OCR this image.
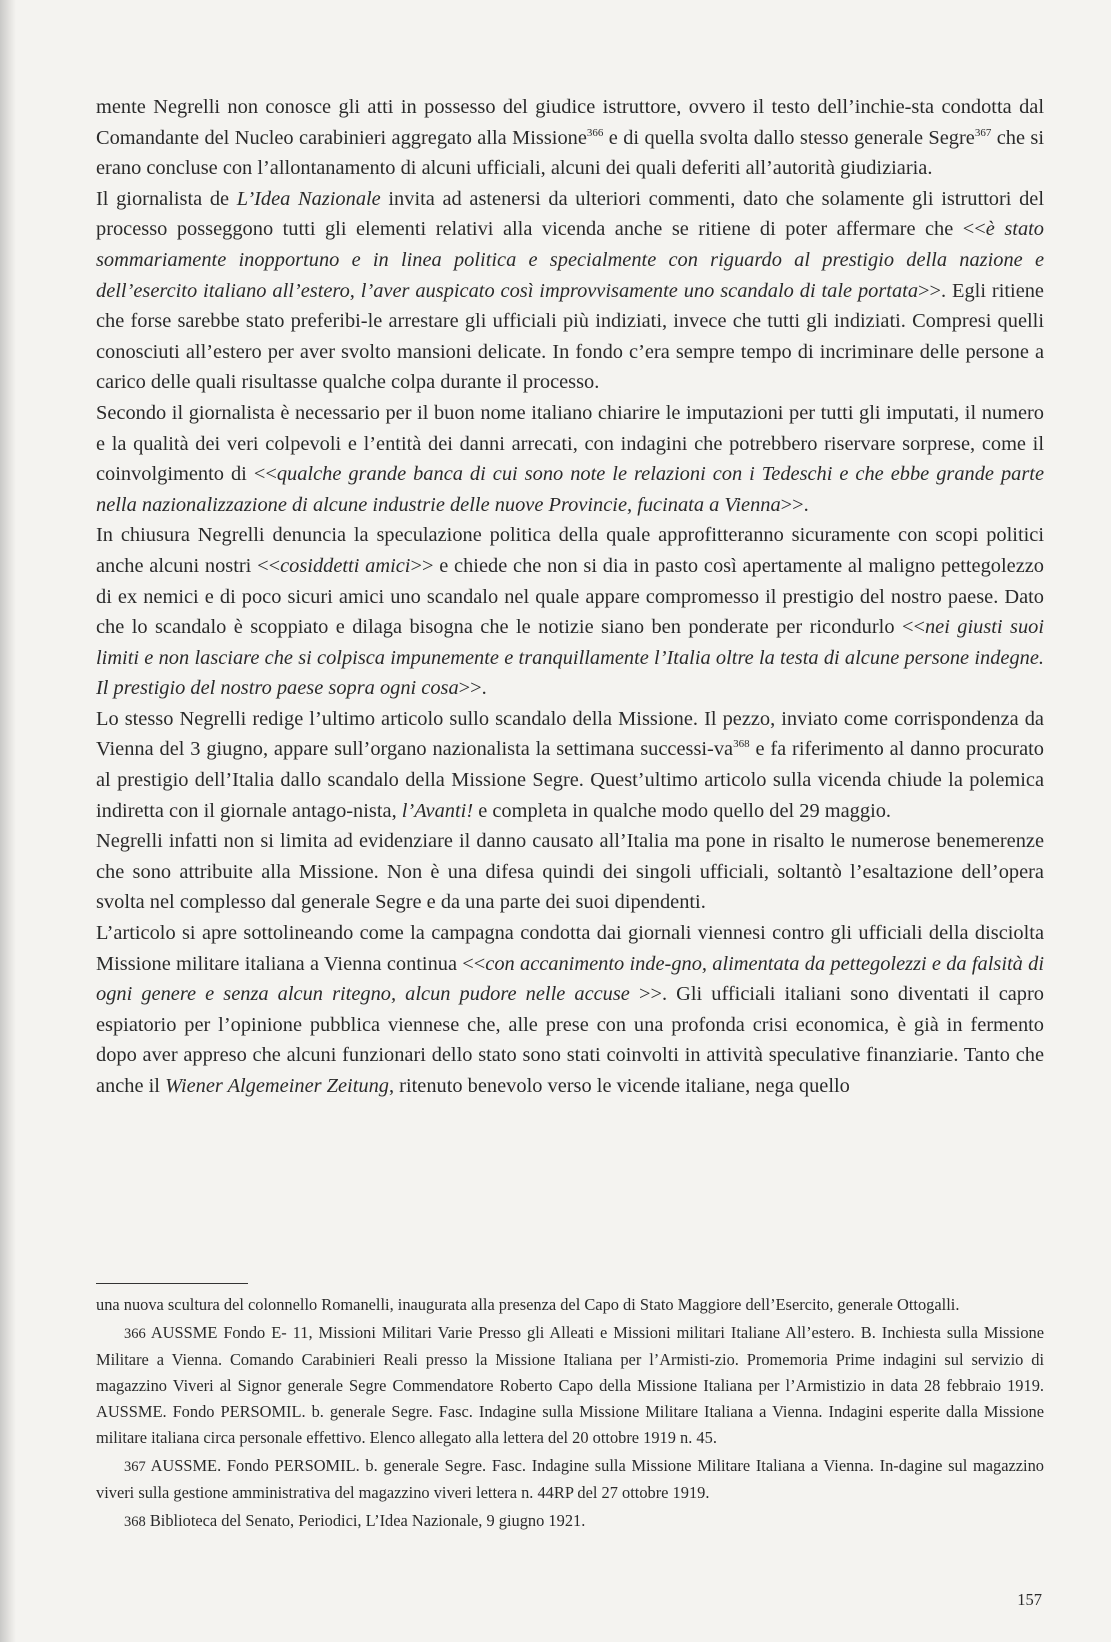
mente Negrelli non conosce gli atti in possesso del giudice istruttore, ovvero il testo dell’inchie-sta condotta dal Comandante del Nucleo carabinieri aggregato alla Missione$^{366}$ e di quella svolta dallo stesso generale Segre$^{367}$ che si erano concluse con l’allontanamento di alcuni ufficiali, alcuni dei quali deferiti all’autorità giudiziaria.

Il giornalista de L’Idea Nazionale invita ad astenersi da ulteriori commenti, dato che solamente gli istruttori del processo posseggono tutti gli elementi relativi alla vicenda anche se ritiene di poter affermare che <<è stato sommariamente inopportuno e in linea politica e specialmente con riguardo al prestigio della nazione e dell’esercito italiano all’estero, l’aver auspicato così improvvisamente uno scandalo di tale portata>>. Egli ritiene che forse sarebbe stato preferibi-le arrestare gli ufficiali più indiziati, invece che tutti gli indiziati. Compresi quelli conosciuti all’estero per aver svolto mansioni delicate. In fondo c’era sempre tempo di incriminare delle persone a carico delle quali risultasse qualche colpa durante il processo.

Secondo il giornalista è necessario per il buon nome italiano chiarire le imputazioni per tutti gli imputati, il numero e la qualità dei veri colpevoli e l’entità dei danni arrecati, con indagini che potrebbero riservare sorprese, come il coinvolgimento di <<qualche grande banca di cui sono note le relazioni con i Tedeschi e che ebbe grande parte nella nazionalizzazione di alcune industrie delle nuove Provincie, fucinata a Vienna>>.

In chiusura Negrelli denuncia la speculazione politica della quale approfitteranno sicuramente con scopi politici anche alcuni nostri <<cosiddetti amici>> e chiede che non si dia in pasto così apertamente al maligno pettegolezzo di ex nemici e di poco sicuri amici uno scandalo nel quale appare compromesso il prestigio del nostro paese. Dato che lo scandalo è scoppiato e dilaga bisogna che le notizie siano ben ponderate per ricondurlo <<nei giusti suoi limiti e non lasciare che si colpisca impunemente e tranquillamente l’Italia oltre la testa di alcune persone indegne. Il prestigio del nostro paese sopra ogni cosa>>.

Lo stesso Negrelli redige l’ultimo articolo sullo scandalo della Missione. Il pezzo, inviato come corrispondenza da Vienna del 3 giugno, appare sull’organo nazionalista la settimana successi-$va^{368}$ e fa riferimento al danno procurato al prestigio dell’Italia dallo scandalo della Missione Segre. Quest’ultimo articolo sulla vicenda chiude la polemica indiretta con il giornale antago-nista, l’Avanti! e completa in qualche modo quello del 29 maggio.

Negrelli infatti non si limita ad evidenziare il danno causato all’Italia ma pone in risalto le numerose benemerenze che sono attribuite alla Missione. Non è una difesa quindi dei singoli ufficiali, soltantò l’esaltazione dell’opera svolta nel complesso dal generale Segre e da una parte dei suoi dipendenti.

L’articolo si apre sottolineando come la campagna condotta dai giornali viennesi contro gli ufficiali della disciolta Missione militare italiana a Vienna continua <<con accanimento inde-gno, alimentata da pettegolezzi e da falsità di ogni genere e senza alcun ritegno, alcun pudore nelle accuse >>. Gli ufficiali italiani sono diventati il capro espiatorio per l’opinione pubblica viennese che, alle prese con una profonda crisi economica, è già in fermento dopo aver appreso che alcuni funzionari dello stato sono stati coinvolti in attività speculative finanziarie. Tanto che anche il Wiener Algemeiner Zeitung, ritenuto benevolo verso le vicende italiane, nega quello

una nuova scultura del colonnello Romanelli, inaugurata alla presenza del Capo di Stato Maggiore dell’Esercito, generale Ottogalli.

366 AUSSME Fondo E- 11, Missioni Militari Varie Presso gli Alleati e Missioni militari Italiane All’estero. B. Inchiesta sulla Missione Militare a Vienna. Comando Carabinieri Reali presso la Missione Italiana per l’Armisti-zio. Promemoria Prime indagini sul servizio di magazzino Viveri al Signor generale Segre Commendatore Roberto Capo della Missione Italiana per l’Armistizio in data 28 febbraio 1919. AUSSME. Fondo PERSOMIL. b. generale Segre. Fasc. Indagine sulla Missione Militare Italiana a Vienna. Indagini esperite dalla Missione militare italiana circa personale effettivo. Elenco allegato alla lettera del 20 ottobre 1919 n. 45.

367 AUSSME. Fondo PERSOMIL. b. generale Segre. Fasc. Indagine sulla Missione Militare Italiana a Vienna. In-dagine sul magazzino viveri sulla gestione amministrativa del magazzino viveri lettera n. 44RP del 27 ottobre 1919.

368 Biblioteca del Senato, Periodici, L’Idea Nazionale, 9 giugno 1921.

157
